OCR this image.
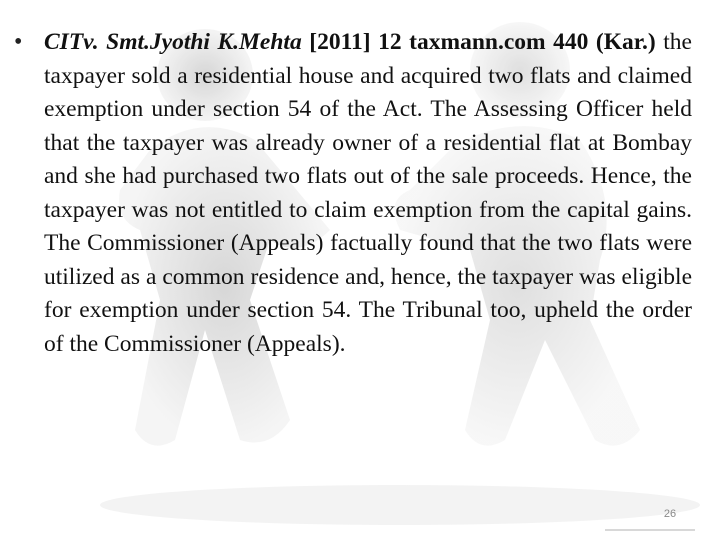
• CITv. Smt.Jyothi K.Mehta [2011] 12 taxmann.com 440 (Kar.) the taxpayer sold a residential house and acquired two flats and claimed exemption under section 54 of the Act. The Assessing Officer held that the taxpayer was already owner of a residential flat at Bombay and she had purchased two flats out of the sale proceeds. Hence, the taxpayer was not entitled to claim exemption from the capital gains. The Commissioner (Appeals) factually found that the two flats were utilized as a common residence and, hence, the taxpayer was eligible for exemption under section 54. The Tribunal too, upheld the order of the Commissioner (Appeals).

26
